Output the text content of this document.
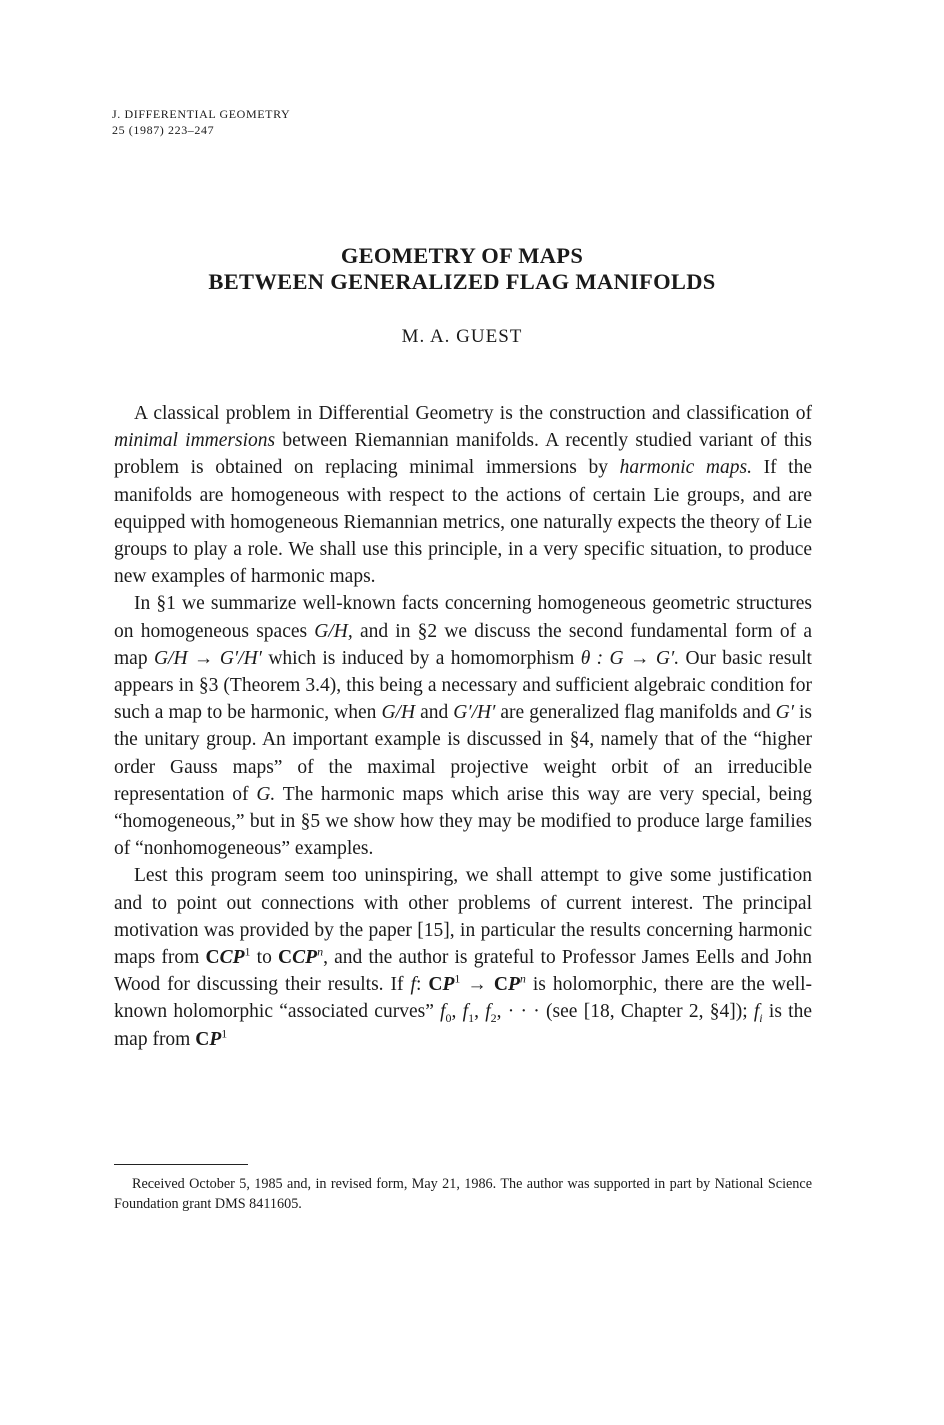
J. DIFFERENTIAL GEOMETRY
25 (1987) 223–247
GEOMETRY OF MAPS
BETWEEN GENERALIZED FLAG MANIFOLDS
M. A. GUEST

A classical problem in Differential Geometry is the construction and classification of minimal immersions between Riemannian manifolds. A recently studied variant of this problem is obtained on replacing minimal immersions by harmonic maps. If the manifolds are homogeneous with respect to the actions of certain Lie groups, and are equipped with homogeneous Riemannian metrics, one naturally expects the theory of Lie groups to play a role. We shall use this principle, in a very specific situation, to produce new examples of harmonic maps.

In §1 we summarize well-known facts concerning homogeneous geometric structures on homogeneous spaces G/H, and in §2 we discuss the second fundamental form of a map G/H → G′/H′ which is induced by a homomorphism θ : G → G′. Our basic result appears in §3 (Theorem 3.4), this being a necessary and sufficient algebraic condition for such a map to be harmonic, when G/H and G′/H′ are generalized flag manifolds and G′ is the unitary group. An important example is discussed in §4, namely that of the “higher order Gauss maps” of the maximal projective weight orbit of an irreducible representation of G. The harmonic maps which arise this way are very special, being “homogeneous,” but in §5 we show how they may be modified to produce large families of “nonhomogeneous” examples.

Lest this program seem too uninspiring, we shall attempt to give some justification and to point out connections with other problems of current interest. The principal motivation was provided by the paper [15], in particular the results concerning harmonic maps from CCP$^1$ to CCP$^n$, and the author is grateful to Professor James Eells and John Wood for discussing their results. If f: $CP^1 \to CP^n$ is holomorphic, there are the well-known holomorphic “associated curves” $f_0$, $f_1$, $f_2$, · · · (see [18, Chapter 2, §4]); $f_i$ is the map from $CP^1$

Received October 5, 1985 and, in revised form, May 21, 1986. The author was supported in part by National Science Foundation grant DMS 8411605.
